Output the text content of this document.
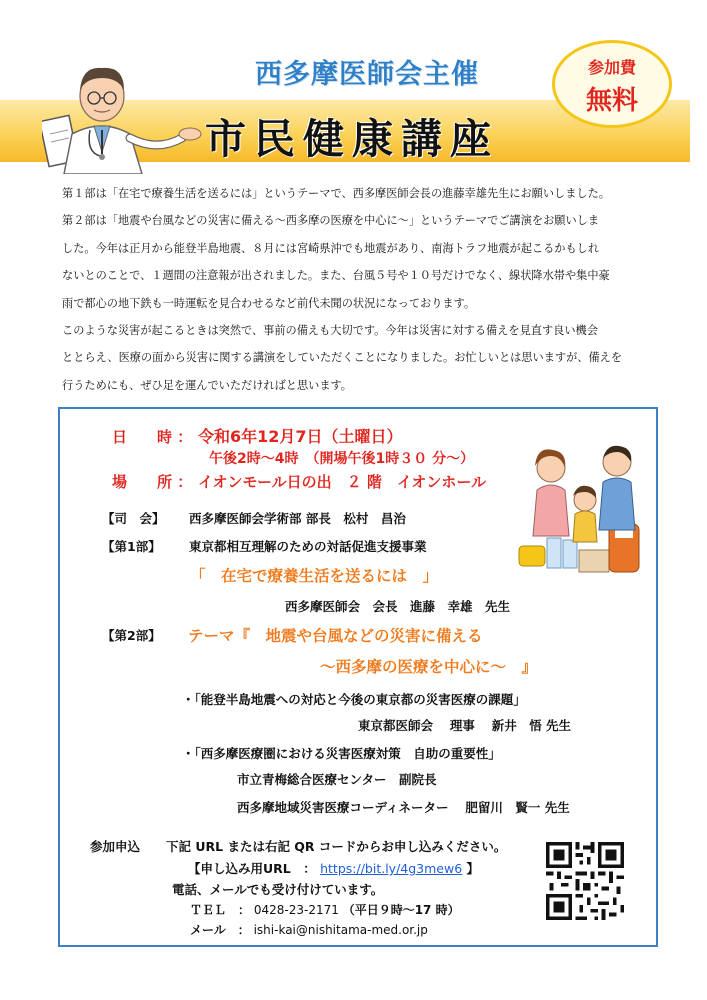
西多摩医師会主催
市民健康講座
参加費
無料

第１部は「在宅で療養生活を送るには」というテーマで、西多摩医師会長の進藤幸雄先生にお願いしました。

第２部は「地震や台風などの災害に備える～西多摩の医療を中心に～」というテーマでご講演をお願いしま

した。今年は正月から能登半島地震、８月には宮崎県沖でも地震があり、南海トラフ地震が起こるかもしれ

ないとのことで、１週間の注意報が出されました。また、台風５号や１０号だけでなく、線状降水帯や集中豪

雨で都心の地下鉄も一時運転を見合わせるなど前代未聞の状況になっております。

このような災害が起こるときは突然で、事前の備えも大切です。今年は災害に対する備えを見直す良い機会

ととらえ、医療の面から災害に関する講演をしていただくことになりました。お忙しいとは思いますが、備えを

行うためにも、ぜひ足を運んでいただければと思います。

日　　時 ： 令和6年12月7日（土曜日）
午後2時～4時　（開場午後1時３０ 分～）
場　　所 ： イオンモール日の出　２ 階　イオンホール
【司　会】 西多摩医師会学術部 部長　松村　昌治
【第1部】 東京都相互理解のための対話促進支援事業
「　在宅で療養生活を送るには　」
西多摩医師会　会長　進藤　幸雄　先生
【第2部】 テーマ『　地震や台風などの災害に備える
～西多摩の医療を中心に～　』
・「能登半島地震への対応と今後の東京都の災害医療の課題」
東京都医師会　 理事　 新井　悟 先生
・「西多摩医療圏における災害医療対策　自助の重要性」
市立青梅総合医療センター　副院長
西多摩地域災害医療コーディネーター　 肥留川　賢一 先生
参加申込 下記 URL または右記 QR コードからお申し込みください。
【申し込み用URL　： https://bit.ly/4g3mew6 】
電話、メールでも受け付けています。
ＴＥＬ　： 0428-23-2171 （平日９時～17 時）
メール　： ishi-kai@nishitama-med.or.jp
